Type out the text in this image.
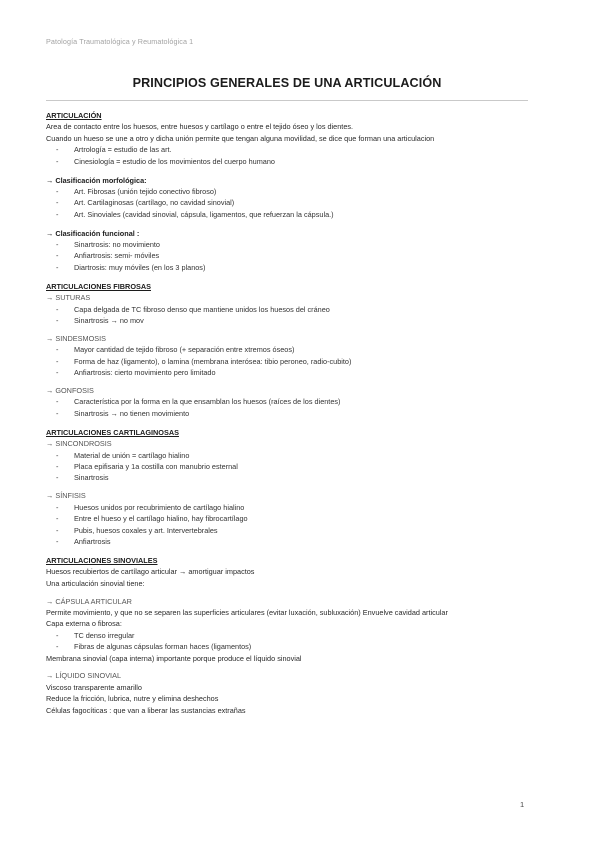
Patología Traumatológica y Reumatológica 1
PRINCIPIOS GENERALES DE UNA ARTICULACIÓN
ARTICULACIÓN
Area de contacto entre los huesos, entre huesos y cartílago o entre el tejido óseo y los dientes.
Cuando un hueso se une a otro y dicha unión permite que tengan alguna movilidad, se dice que forman una articulacion
- Artrología = estudio de las art.
- Cinesiología = estudio de los movimientos del cuerpo humano
→ Clasificación morfológica:
- Art. Fibrosas (unión tejido conectivo fibroso)
- Art. Cartilaginosas (cartílago, no cavidad sinovial)
- Art. Sinoviales (cavidad sinovial, cápsula, ligamentos, que refuerzan la cápsula.)
→ Clasificación funcional :
- Sinartrosis: no movimiento
- Anfiartrosis: semi- móviles
- Diartrosis: muy móviles (en los 3 planos)
ARTICULACIONES FIBROSAS
→ SUTURAS
- Capa delgada de TC fibroso denso que mantiene unidos los huesos del cráneo
- Sinartrosis → no mov
→ SINDESMOSIS
- Mayor cantidad de tejido fibroso (+ separación entre xtremos óseos)
- Forma de haz (ligamento), o lamina (membrana interósea: tibio peroneo, radio-cubito)
- Anfiartrosis: cierto movimiento pero limitado
→ GONFOSIS
- Característica por la forma en la que ensamblan los huesos (raíces de los dientes)
- Sinartrosis → no tienen movimiento
ARTICULACIONES CARTILAGINOSAS
→ SINCONDROSIS
- Material de unión = cartílago hialino
- Placa epifisaria y 1a costilla con manubrio esternal
- Sinartrosis
→ SÍNFISIS
- Huesos unidos por recubrimiento de cartílago hialino
- Entre el hueso y el cartílago hialino, hay fibrocartílago
- Pubis, huesos coxales y art. Intervertebrales
- Anfiartrosis
ARTICULACIONES SINOVIALES
Huesos recubiertos de cartílago articular → amortiguar impactos
Una articulación sinovial tiene:
→ CÁPSULA ARTICULAR
Permite movimiento, y que no se separen las superficies articulares (evitar luxación, subluxación) Envuelve cavidad articular
Capa externa o fibrosa:
- TC denso irregular
- Fibras de algunas cápsulas forman haces (ligamentos)
Membrana sinovial (capa interna) importante porque produce el líquido sinovial
→ LÍQUIDO SINOVIAL
Viscoso transparente amarillo
Reduce la fricción, lubrica, nutre y elimina deshechos
Células fagocíticas : que van a liberar las sustancias extrañas
1
